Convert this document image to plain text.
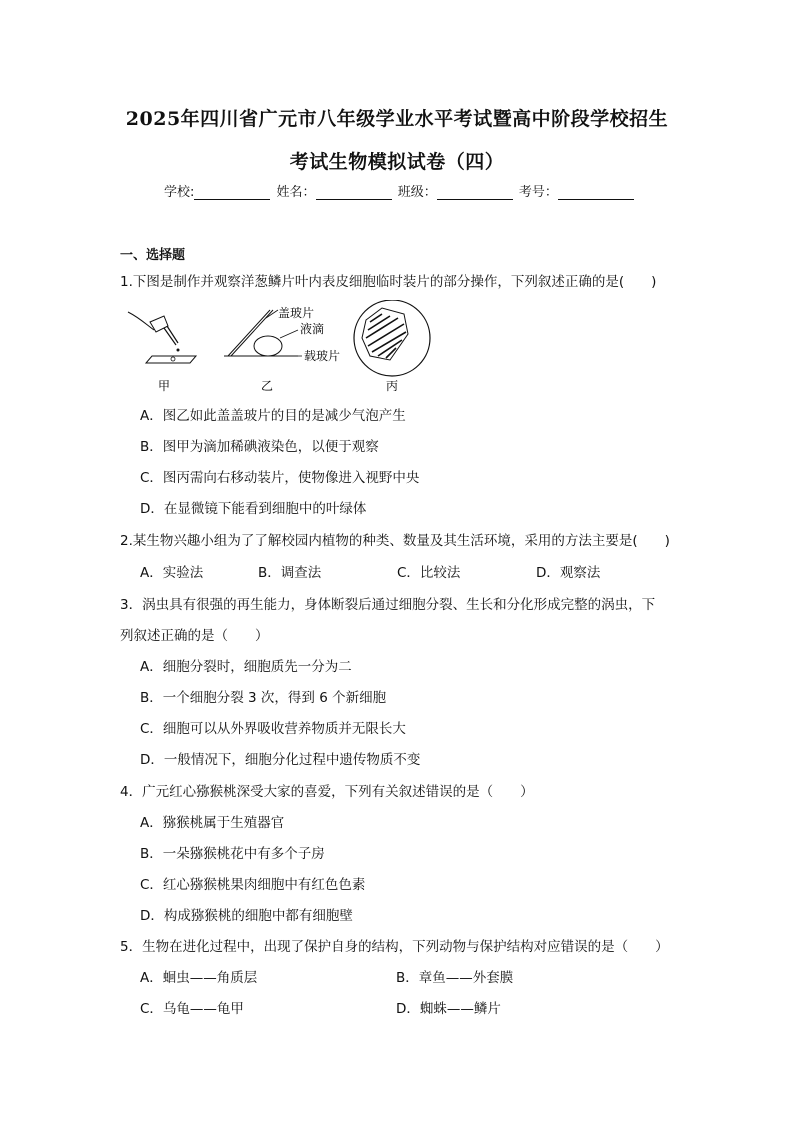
2025年四川省广元市八年级学业水平考试暨高中阶段学校招生
考试生物模拟试卷（四）
学校:	姓名：	班级：	考号：
一、选择题
1.下图是制作并观察洋葱鳞片叶内表皮细胞临时装片的部分操作，下列叙述正确的是(　　)
盖玻片
液滴
载玻片
甲	乙	丙
A．图乙如此盖盖玻片的目的是减少气泡产生
B．图甲为滴加稀碘液染色，以便于观察
C．图丙需向右移动装片，使物像进入视野中央
D．在显微镜下能看到细胞中的叶绿体
2.某生物兴趣小组为了了解校园内植物的种类、数量及其生活环境，采用的方法主要是(　　)
A．实验法	B．调查法	C．比较法	D．观察法
3．涡虫具有很强的再生能力，身体断裂后通过细胞分裂、生长和分化形成完整的涡虫，下
列叙述正确的是（　　）
A．细胞分裂时，细胞质先一分为二
B．一个细胞分裂 3 次，得到 6 个新细胞
C．细胞可以从外界吸收营养物质并无限长大
D．一般情况下，细胞分化过程中遗传物质不变
4．广元红心猕猴桃深受大家的喜爱，下列有关叙述错误的是（　　）
A．猕猴桃属于生殖器官
B．一朵猕猴桃花中有多个子房
C．红心猕猴桃果肉细胞中有红色色素
D．构成猕猴桃的细胞中都有细胞壁
5．生物在进化过程中，出现了保护自身的结构，下列动物与保护结构对应错误的是（　　）
A．蛔虫——角质层	B．章鱼——外套膜
C．乌龟——龟甲	D．蜘蛛——鳞片
